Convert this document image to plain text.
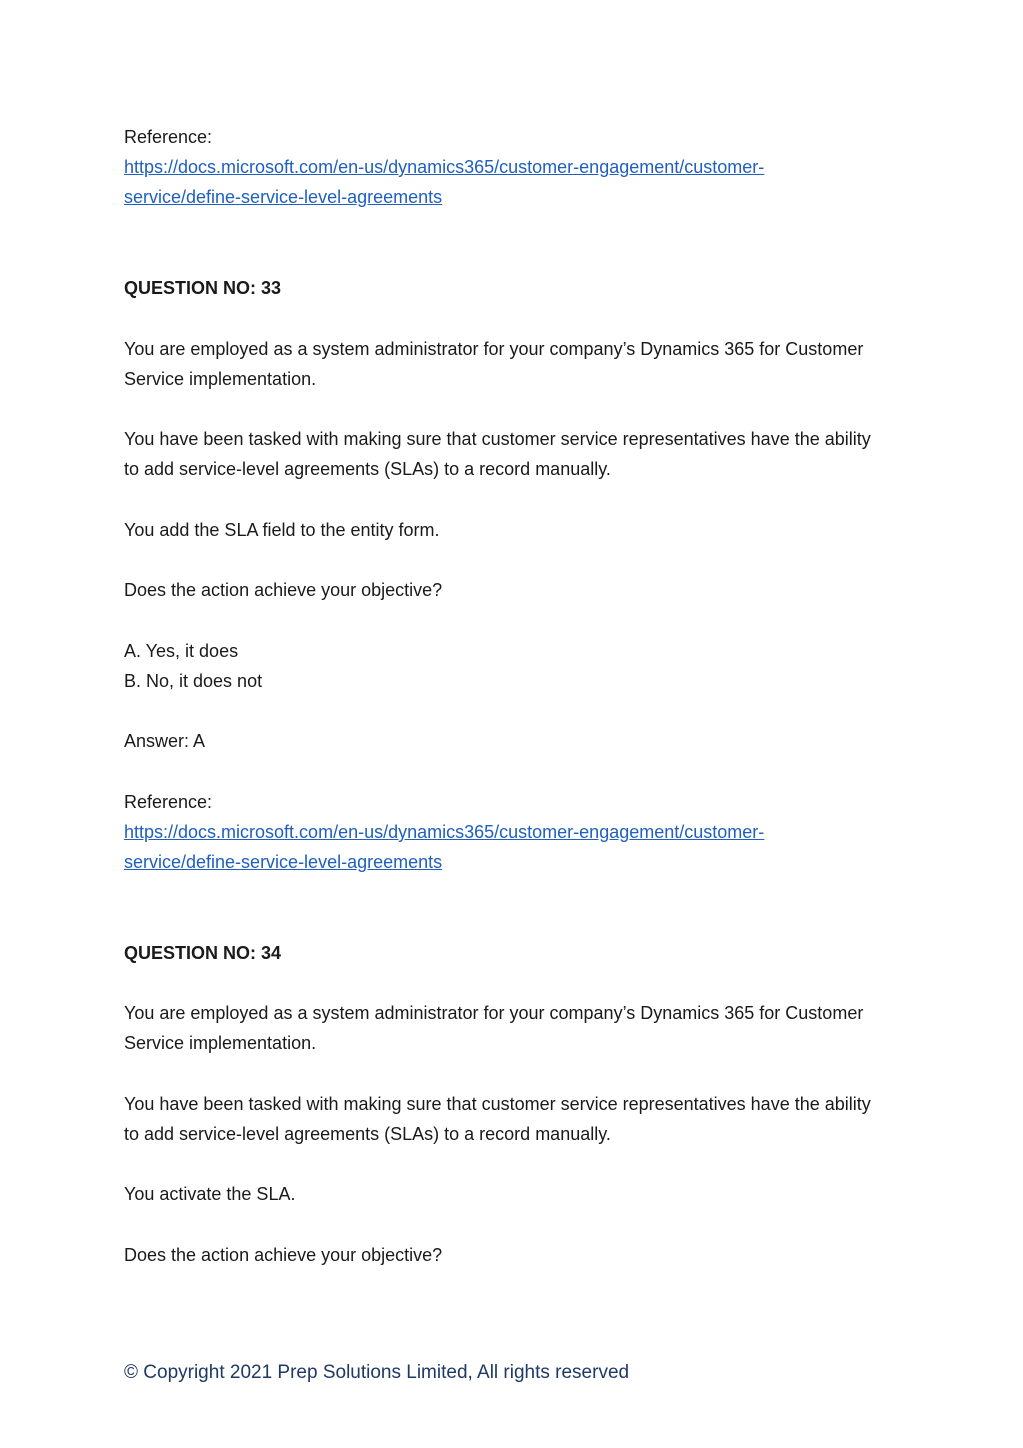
Reference:

https://docs.microsoft.com/en-us/dynamics365/customer-engagement/customer-

service/define-service-level-agreements

QUESTION NO: 33

You are employed as a system administrator for your company’s Dynamics 365 for Customer

Service implementation.

You have been tasked with making sure that customer service representatives have the ability

to add service-level agreements (SLAs) to a record manually.

You add the SLA field to the entity form.

Does the action achieve your objective?

A. Yes, it does

B. No, it does not

Answer: A

Reference:

https://docs.microsoft.com/en-us/dynamics365/customer-engagement/customer-

service/define-service-level-agreements

QUESTION NO: 34

You are employed as a system administrator for your company’s Dynamics 365 for Customer

Service implementation.

You have been tasked with making sure that customer service representatives have the ability

to add service-level agreements (SLAs) to a record manually.

You activate the SLA.

Does the action achieve your objective?

© Copyright 2021 Prep Solutions Limited, All rights reserved
